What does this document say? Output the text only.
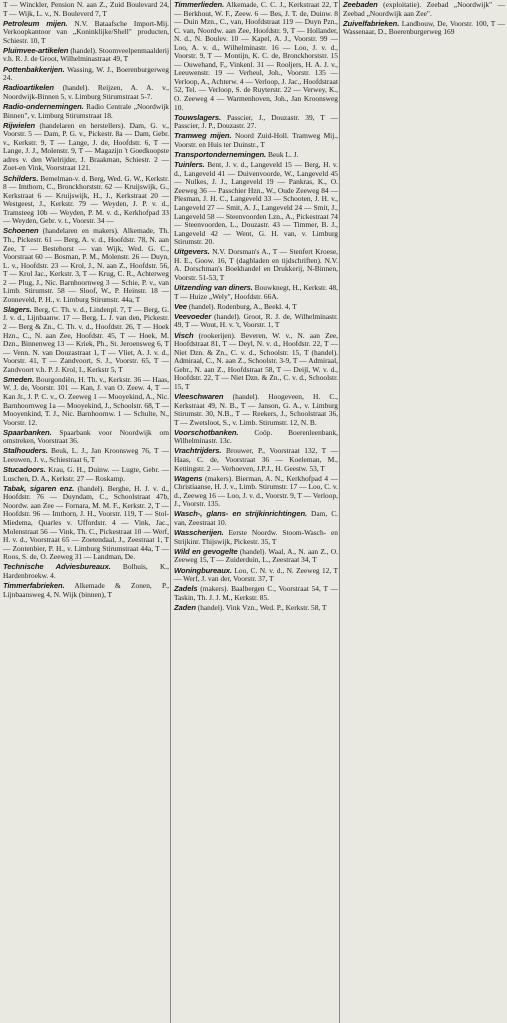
T — Winckler, Pension N. aan Z., Zuid Boulevard 24, T — Wijk, L. v., N. Bouleverd 7, T

Petroleum mijen. N.V. Bataafsche Import-Mij. Verkoopkantoor van „Koninklijke/Shell" producten, Schiestr. 10, T

Pluimvee-artikelen (handel). Stoomveelpenmaalderij v.h. R. J. de Groot, Wilhelminastraat 49, T

Pottenbakkerijen. Wassing, W. J., Boerenburgerweg 24.

Radioartikelen (handel). Reijzen, A. A. v., Noordwijk-Binnen 5, v. Limburg Stirumstraat 5-7.

Radio-ondernemingen. Radio Centrale „Noordwijk Binnen", v. Limburg Stirumstraat 18.

Rijwielen (handelaren en herstellers). Dam, G. v., Voorstr. 5 — Dam, P. G. v., Pickestr. 8a — Dam, Gebr. v., Kerkstr. 9, T — Lange, J. de, Hoofdstr. 6, T — Lange, J. J., Molenstr. 9, T — Magazijn 't Goedkoopste adres v. den Wielrijder, J. Braakman, Schiestr. 2 — Zoet-en Vink, Voorstraat 121.

Schilders. Bemelman-v. d. Berg, Wed. G. W., Kerkstr. 8 — Imthorn, C., Bronckhorststr. 62 — Kruijswijk, G., Kerkstraat 6 — Kruijswijk, H., J., Kerkstraat 20 — Westgeest, J., Kerkstr. 79 — Weyden, J. P. v. d., Tramsteeg 10b — Weyden, P. M. v. d., Kerkhofpad 33 — Weyden, Gebr. v. t., Voorstr. 34 —

Schoenen (handelaren en makers). Alkemade, Th. Th., Pickestr. 61 — Berg, A. v. d., Hoofdstr. 78, N. aan Zee, T — Bestehorst — van Wijk, Wed. G. C., Voorstraat 60 — Bosman, P. M., Molenstr. 26 — Duyn, L. v., Hoofdstr. 23 — Krol, J., N. aan Z., Hoofdstr. 56, T — Krol Jac., Kerkstr. 3, T — Krug, C. R., Achterweg 2 — Plug, J., Nic. Barnhoornweg 3 — Schie, P. v., van Limb. Stirumstr. 58 — Sloof, W., P. Heinstr. 18 — Zonneveld, P. H., v. Limburg Stirumstr. 44a, T

Slagers. Berg, C. Th. v. d., Lindenpl. 7, T — Berg, G. J. v. d., Lijnbaanw. 17 — Berg, L. J. van den, Pickestr. 2 — Berg & Zn., C. Th. v. d., Hoofdstr. 26, T — Hoek Hzn., C., N. aan Zee, Hoofdstr. 45, T — Hoek, M. Dzn., Binnenweg 13 — Kriek, Ph., St. Jeroensweg 6, T — Venn. N. van Douzastraat 1, T — Vliet, A. J. v. d., Voorstr. 41, T — Zandvoort, S. J., Voorstr. 65, T — Zandvoort v.h. P. J. Krol, I., Kerkstr 5, T

Smeden. Bourgondiën, H. Th. v., Kerkstr. 36 — Haas, W. J. de, Voorstr. 101 — Kan, J. van O. Zeew. 4, T — Kan Jr., J. P. C. v., O. Zeeweg 1 — Mooyekind, A., Nic. Barnhoornweg 1a — Mooyekind, J., Schoolstr. 68, T — Mooyenkind, T. J., Nic. Barnhoornw. 1 — Schulte, N., Voorstr. 12.

Spaarbanken. Spaarbank voor Noordwijk om omstreken, Voorstraat 36.

Stalhouders. Beuk, L. J., Jan Kroonsweg 76, T — Leeuwen, J. v., Schiestraat 6, T

Stucadoors. Krau, G. H., Duinw. — Lugte, Gebr. — Luschen, D. A., Kerkstr. 27 — Roskamp.

Tabak, sigaren enz. (handel). Berghe, H. J. v. d., Hoofdstr. 76 — Duyndam, C., Schoolstraat 47b, Noordw. aan Zee — Fornara, M. M. F., Kerkstr. 2, T — Hoofdstr. 96 — Imthorn, J. H., Voorstr. 119, T — Stol-Miedema, Quarles v. Uffordstr. 4 — Vink, Jac., Molenstraat 56 — Vink, Th. C., Pickestraat 10 — Werf, H. v. d., Voorstraat 65 — Zoetendaal, J., Zeestraat 1, T — Zontenbier, P. H., v. Limburg Stirumstraat 44a, T — Roos, S. de, O. Zeeweg 31 — Landman, De.

Technische Adviesbureaux. Bolhuis, K., Hardenbroekw. 4.

Timmerfabrieken. Alkemade & Zonen, P., Lijnbaansweg 4, N. Wijk (binnen), T

Timmerlieden. Alkemade, C. C. J., Kerkstraat 22, T — Berkhout, W. F., Zeew. 6 — Bes, J. T. de, Duinw. 8 — Duin Mzn., C., van, Hoofdstraat 119 — Duyn Pzn., C. van, Noordw. aan Zee, Hoofdstr. 9, T — Hollander, N. d., N. Boulev. 10 — Kapel, A. J., Voorstr. 99 — Loo, A. v. d., Wilhelminastr. 16 — Loo, J. v. d., Voorstr. 9, T — Montijn, K. C. de, Bronckhorststr. 15 — Ouwehand, F., Vinkenl. 31 — Rooljers, H. A. J. v., Leeuwenstr. 19 — Verheul, Joh., Voorstr. 135 — Verloop, A., Achterw. 4 — Verloop, J. Jac., Hoofdstraat 52, Tel. — Verloop, S. de Ruyterstr. 22 — Verwey, K., O. Zeeweg 4 — Warmenhoven, Joh., Jan Kroonsweg 10.

Touwslagers. Passcier, J., Douzastr. 39, T — Passcier, J. P., Douzastr. 27.

Tramweg mijen. Noord Zuid-Holl. Tramweg Mij., Voorstr. en Huis ter Duinstr., T

Transportondernemingen. Beuk L. J.

Tuinlers. Bent, J. v. d., Langeveld 15 — Berg, H. v. d., Langeveld 41 — Duivenvoorde, W., Langeveld 45 — Nulkes, J. J., Langeveld 19 — Pankras, K., O. Zeeweg 36 — Passchier Hzn., W., Oude Zeeweg 84 — Plesman, J. H. C., Langeveld 33 — Schooten, J. H. v., Langeveld 27 — Smit, A. J., Langeveld 24 — Smit, J., Langeveld 58 — Steenvoorden Lzn., A., Pickestraat 74 — Steenvoorden, L., Douzastr. 43 — Timmer, B. J., Langeveld 42 — Went, G. H. van, v. Limburg Stirumstr. 20.

Uitgevers. N.V. Dorsman's A., T — Stenfert Kroese, H. E., Goow. 16, T (dagbladen en tijdschriften). N.V. A. Dorschman's Boekhandel en Drukkerij, N-Binnen, Voorstr. 51-53, T

Uitzending van diners. Bouwknegt, H., Kerkstr. 48, T — Huize „Wely", Hoofdstr. 66A.

Vee (handel). Rodenburg, A., Beekl. 4, T

Veevoeder (handel). Groot, R. J. de, Wilhelminastr. 49, T — Wout, H. v. 't, Voorstr. 1, T

Visch (rookerijen). Beveren, W. v., N. aan Zee, Hoofdstraat 81, T — Deyl, N. v. d., Hoofdstr. 22, T — Niet Dzn. & Zn., C. v. d., Schoolstr. 15, T (handel). Admiraal, C., N. aan Z., Schoolstr. 3-9, T — Admiraal, Gebr., N. aan Z., Hoofdstraat 58, T — Deijl, W. v. d., Hoofdstr. 22, T — Niet Dzn. & Zn., C. v. d., Schoolstr. 15, T

Vleeschwaren (handel). Hoogeveen, H. C., Kerkstraat 49, N. B., T — Janson, G. A., v. Limburg Stirumstr. 30, N.B., T — Reekers, J., Schoolstraat 36, T — Zwetsloot, S., v. Limb. Stirumstr. 12, N. B.

Voorschotbanken. Coöp. Boerenleenbank, Wilhelminastr. 13c.

Vrachtrijders. Brouwer, P., Voorstraat 132, T — Haas, C. de, Voorstraat 36 — Koeleman, M., Kettingstr. 2 — Verhoeven, J.P.J., H. Geestw. 53, T

Wagens (makers). Bierman, A. N., Kerkhofpad 4 — Christiaanse, H. J. v., Limb. Stirumstr. 17 — Loo, C. v. d., Zeeweg 16 — Loo, J. v. d., Voorstr. 9, T — Verloop, J., Voorstr. 135.

Wasch-, glans- en strijkinrichtingen. Dam, C. van, Zeestraat 10.

Wasscherijen. Eerste Noordw. Stoom-Wasch- en Strijkinr. Thijswijk, Pickestr. 35, T

Wild en gevogelte (handel). Waal, A., N. aan Z., O. Zeeweg 15, T — Zuiderduin, L., Zeestraat 34, T

Woningbureaux. Loo, C. N. v. d., N. Zeeweg 12, T — Werf, J. van der, Voorstr. 37, T

Zadels (makers). Baalbergen C., Voorstraat 54, T — Taskin, Th. J. J. M., Kerkstr. 85.

Zaden (handel). Vink Vzn., Wed. P., Kerkstr. 58, T

Zeebaden (exploitatie). Zeebad „Noordwijk" — Zeebad „Noordwijk aan Zee".

Zuivelfabrieken. Landbouw, De, Voorstr. 100, T — Wassenaar, D., Boerenburgerweg 169
